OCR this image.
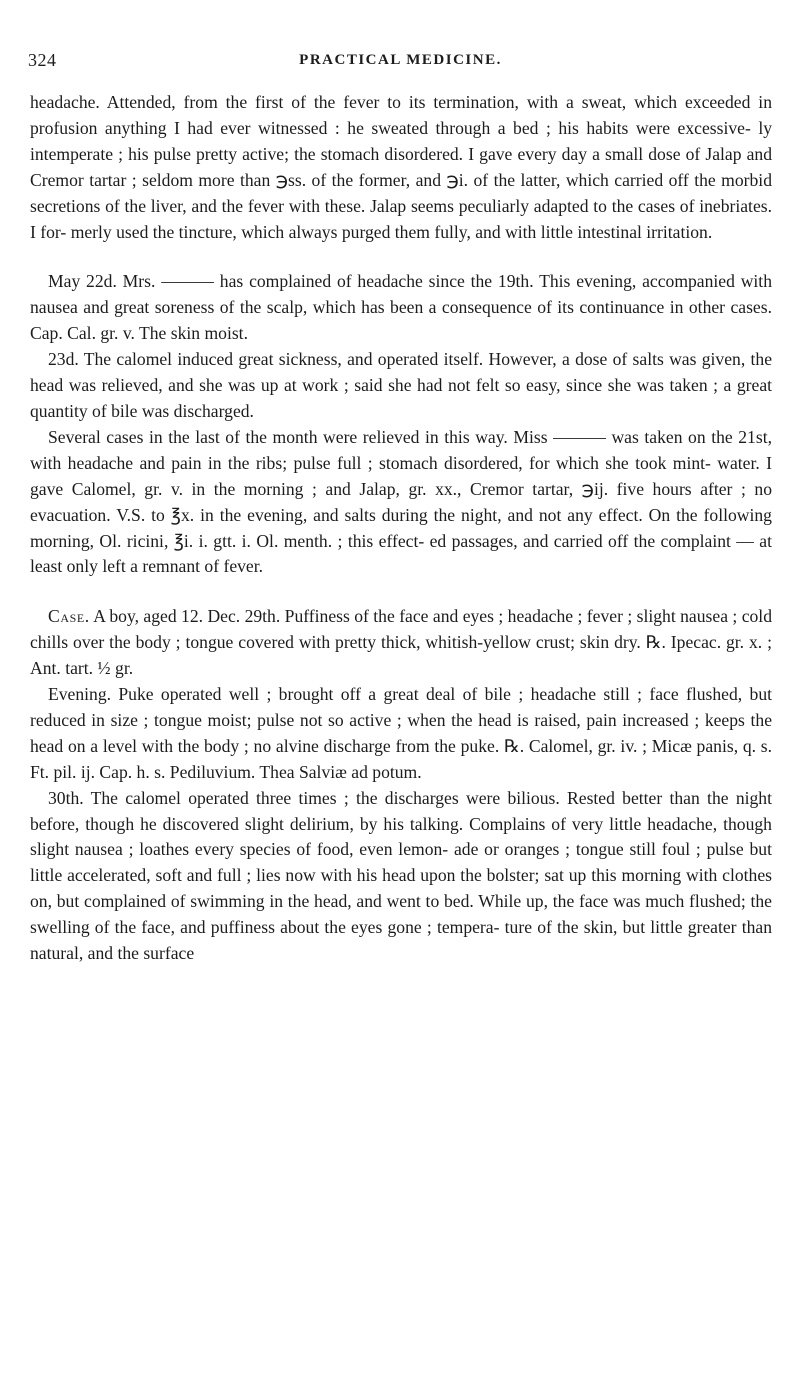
324	PRACTICAL MEDICINE.
headache. Attended, from the first of the fever to its termination, with a sweat, which exceeded in profusion anything I had ever witnessed : he sweated through a bed ; his habits were excessive- ly intemperate ; his pulse pretty active; the stomach disordered. I gave every day a small dose of Jalap and Cremor tartar ; seldom more than ℈ss. of the former, and ℈i. of the latter, which carried off the morbid secretions of the liver, and the fever with these. Jalap seems peculiarly adapted to the cases of inebriates. I for- merly used the tincture, which always purged them fully, and with little intestinal irritation.
May 22d. Mrs. ——— has complained of headache since the 19th. This evening, accompanied with nausea and great soreness of the scalp, which has been a consequence of its continuance in other cases. Cap. Cal. gr. v. The skin moist.
23d. The calomel induced great sickness, and operated itself. However, a dose of salts was given, the head was relieved, and she was up at work ; said she had not felt so easy, since she was taken ; a great quantity of bile was discharged.
Several cases in the last of the month were relieved in this way. Miss ——— was taken on the 21st, with headache and pain in the ribs; pulse full ; stomach disordered, for which she took mint- water. I gave Calomel, gr. v. in the morning ; and Jalap, gr. xx., Cremor tartar, ℈ij. five hours after ; no evacuation. V.S. to ℥x. in the evening, and salts during the night, and not any effect. On the following morning, Ol. ricini, ℥i. i. gtt. i. Ol. menth. ; this effect- ed passages, and carried off the complaint — at least only left a remnant of fever.
Case. A boy, aged 12. Dec. 29th. Puffiness of the face and eyes ; headache ; fever ; slight nausea ; cold chills over the body ; tongue covered with pretty thick, whitish-yellow crust; skin dry. ℞. Ipecac. gr. x. ; Ant. tart. ½ gr.
Evening. Puke operated well ; brought off a great deal of bile ; headache still ; face flushed, but reduced in size ; tongue moist; pulse not so active ; when the head is raised, pain increased ; keeps the head on a level with the body ; no alvine discharge from the puke. ℞. Calomel, gr. iv. ; Micæ panis, q. s. Ft. pil. ij. Cap. h. s. Pediluvium. Thea Salviæ ad potum.
30th. The calomel operated three times ; the discharges were bilious. Rested better than the night before, though he discovered slight delirium, by his talking. Complains of very little headache, though slight nausea ; loathes every species of food, even lemon- ade or oranges ; tongue still foul ; pulse but little accelerated, soft and full ; lies now with his head upon the bolster; sat up this morning with clothes on, but complained of swimming in the head, and went to bed. While up, the face was much flushed; the swelling of the face, and puffiness about the eyes gone ; tempera- ture of the skin, but little greater than natural, and the surface
